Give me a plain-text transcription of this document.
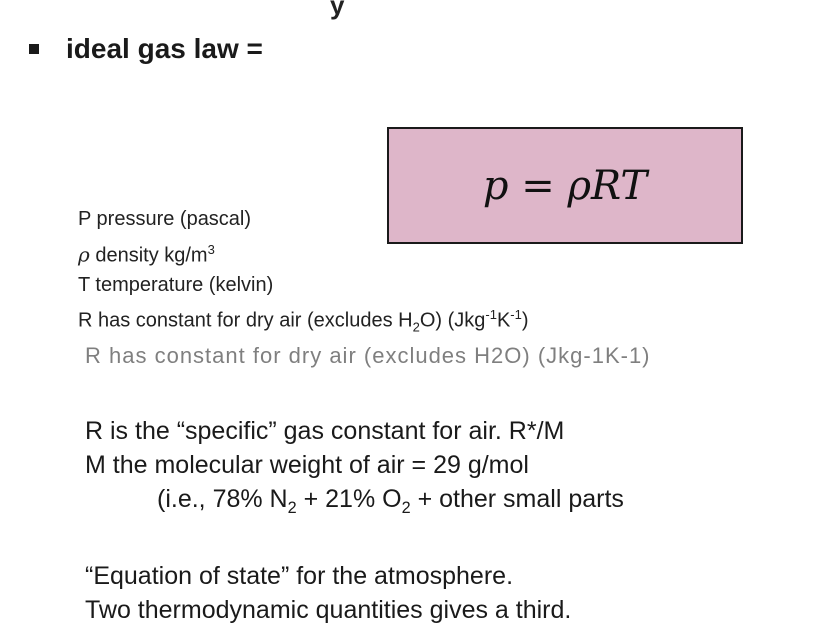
y
ideal gas law =
p = ρRT
P pressure (pascal)
ρ density $kg/m^3$
T temperature (kelvin)
R has constant for dry air (excludes $H_2O$) $(Jkg^{-1}K^{-1})$
R has constant for dry air (excludes H2O) (Jkg-1K-1)
R is the “specific” gas constant for air. R*/M
M the molecular weight of air = 29 g/mol
(i.e., 78% $N_2 + 21\%$ $O_2$ + other small parts
“Equation of state” for the atmosphere.
Two thermodynamic quantities gives a third.
